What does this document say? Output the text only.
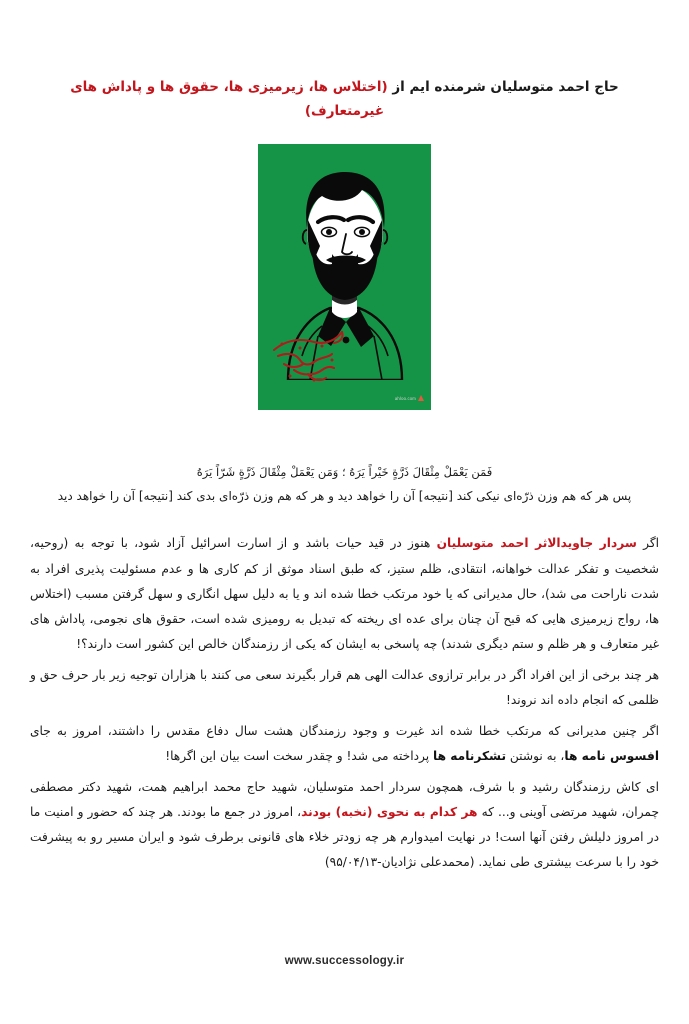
حاج احمد متوسلیان شرمنده ایم از (اختلاس ها، زیرمیزی ها، حقوق ها و پاداش های غیرمتعارف)
ahloo.com
فَمَن یَعْمَلْ مِثْقَالَ ذَرَّةٍ خَیْراً یَرَهُ ؛ وَمَن یَعْمَلْ مِثْقَالَ ذَرَّةٍ شَرّاً یَرَهُ
پس هر که هم وزن ذرّه‌ای نیکی کند [نتیجه] آن را خواهد دید و هر که هم وزن ذرّه‌ای بدی کند [نتیجه] آن را خواهد دید

اگر سردار جاویدالاثر احمد متوسلیان هنوز در قید حیات باشد و از اسارت اسرائیل آزاد شود، با توجه به (روحیه، شخصیت و تفکر عدالت خواهانه، انتقادی، ظلم ستیز، که طبق اسناد موثق از کم کاری ها و عدم مسئولیت پذیری افراد به شدت ناراحت می شد)، حال مدیرانی که یا خود مرتکب خطا شده اند و یا به دلیل سهل انگاری و سهل گرفتن مسبب (اختلاس ها، رواج زیرمیزی هایی که قبح آن چنان برای عده ای ریخته که تبدیل به رومیزی شده است، حقوق های نجومی، پاداش های غیر متعارف و هر ظلم و ستم دیگری شدند) چه پاسخی به ایشان که یکی از رزمندگان خالص این کشور است دارند؟!

هر چند برخی از این افراد اگر در برابر ترازوی عدالت الهی هم قرار بگیرند سعی می کنند با هزاران توجیه زیر بار حرف حق و ظلمی که انجام داده اند نروند!

اگر چنین مدیرانی که مرتکب خطا شده اند غیرت و وجود رزمندگان هشت سال دفاع مقدس را داشتند، امروز به جای افسوس نامه ها، به نوشتن تشکرنامه ها پرداخته می شد! و چقدر سخت است بیان این اگرها!

ای کاش رزمندگان رشید و با شرف، همچون سردار احمد متوسلیان، شهید حاج محمد ابراهیم همت، شهید دکتر مصطفی چمران، شهید مرتضی آوینی و... که هر کدام به نحوی (نخبه) بودند، امروز در جمع ما بودند. هر چند که حضور و امنیت ما در امروز دلیلش رفتن آنها است! در نهایت امیدوارم هر چه زودتر خلاء های قانونی برطرف شود و ایران مسیر رو به پیشرفت خود را با سرعت بیشتری طی نماید. (محمدعلی نژادیان-۹۵/۰۴/۱۳)

www.successology.ir
